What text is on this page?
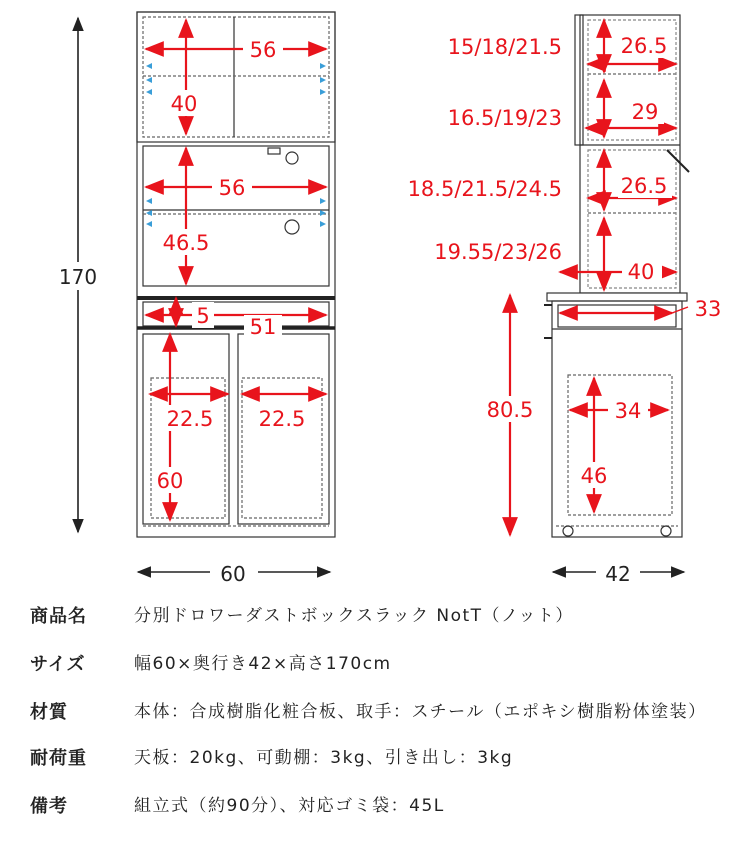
170
60
56
40
56
46.5
5 51
22.5 22.5
60
42
15/18/21.5	26.5
16.5/19/23	29
18.5/21.5/24.5	26.5
19.55/23/26
40
33
80.5	34
46
商品名	分別ドロワーダストボックスラック NotT（ノット）
サイズ	幅60×奥行き42×高さ170cm
材質	本体：合成樹脂化粧合板、取手：スチール（エポキシ樹脂粉体塗装）
耐荷重	天板：20kg、可動棚：3kg、引き出し：3kg
備考	組立式（約90分）、対応ゴミ袋：45L
